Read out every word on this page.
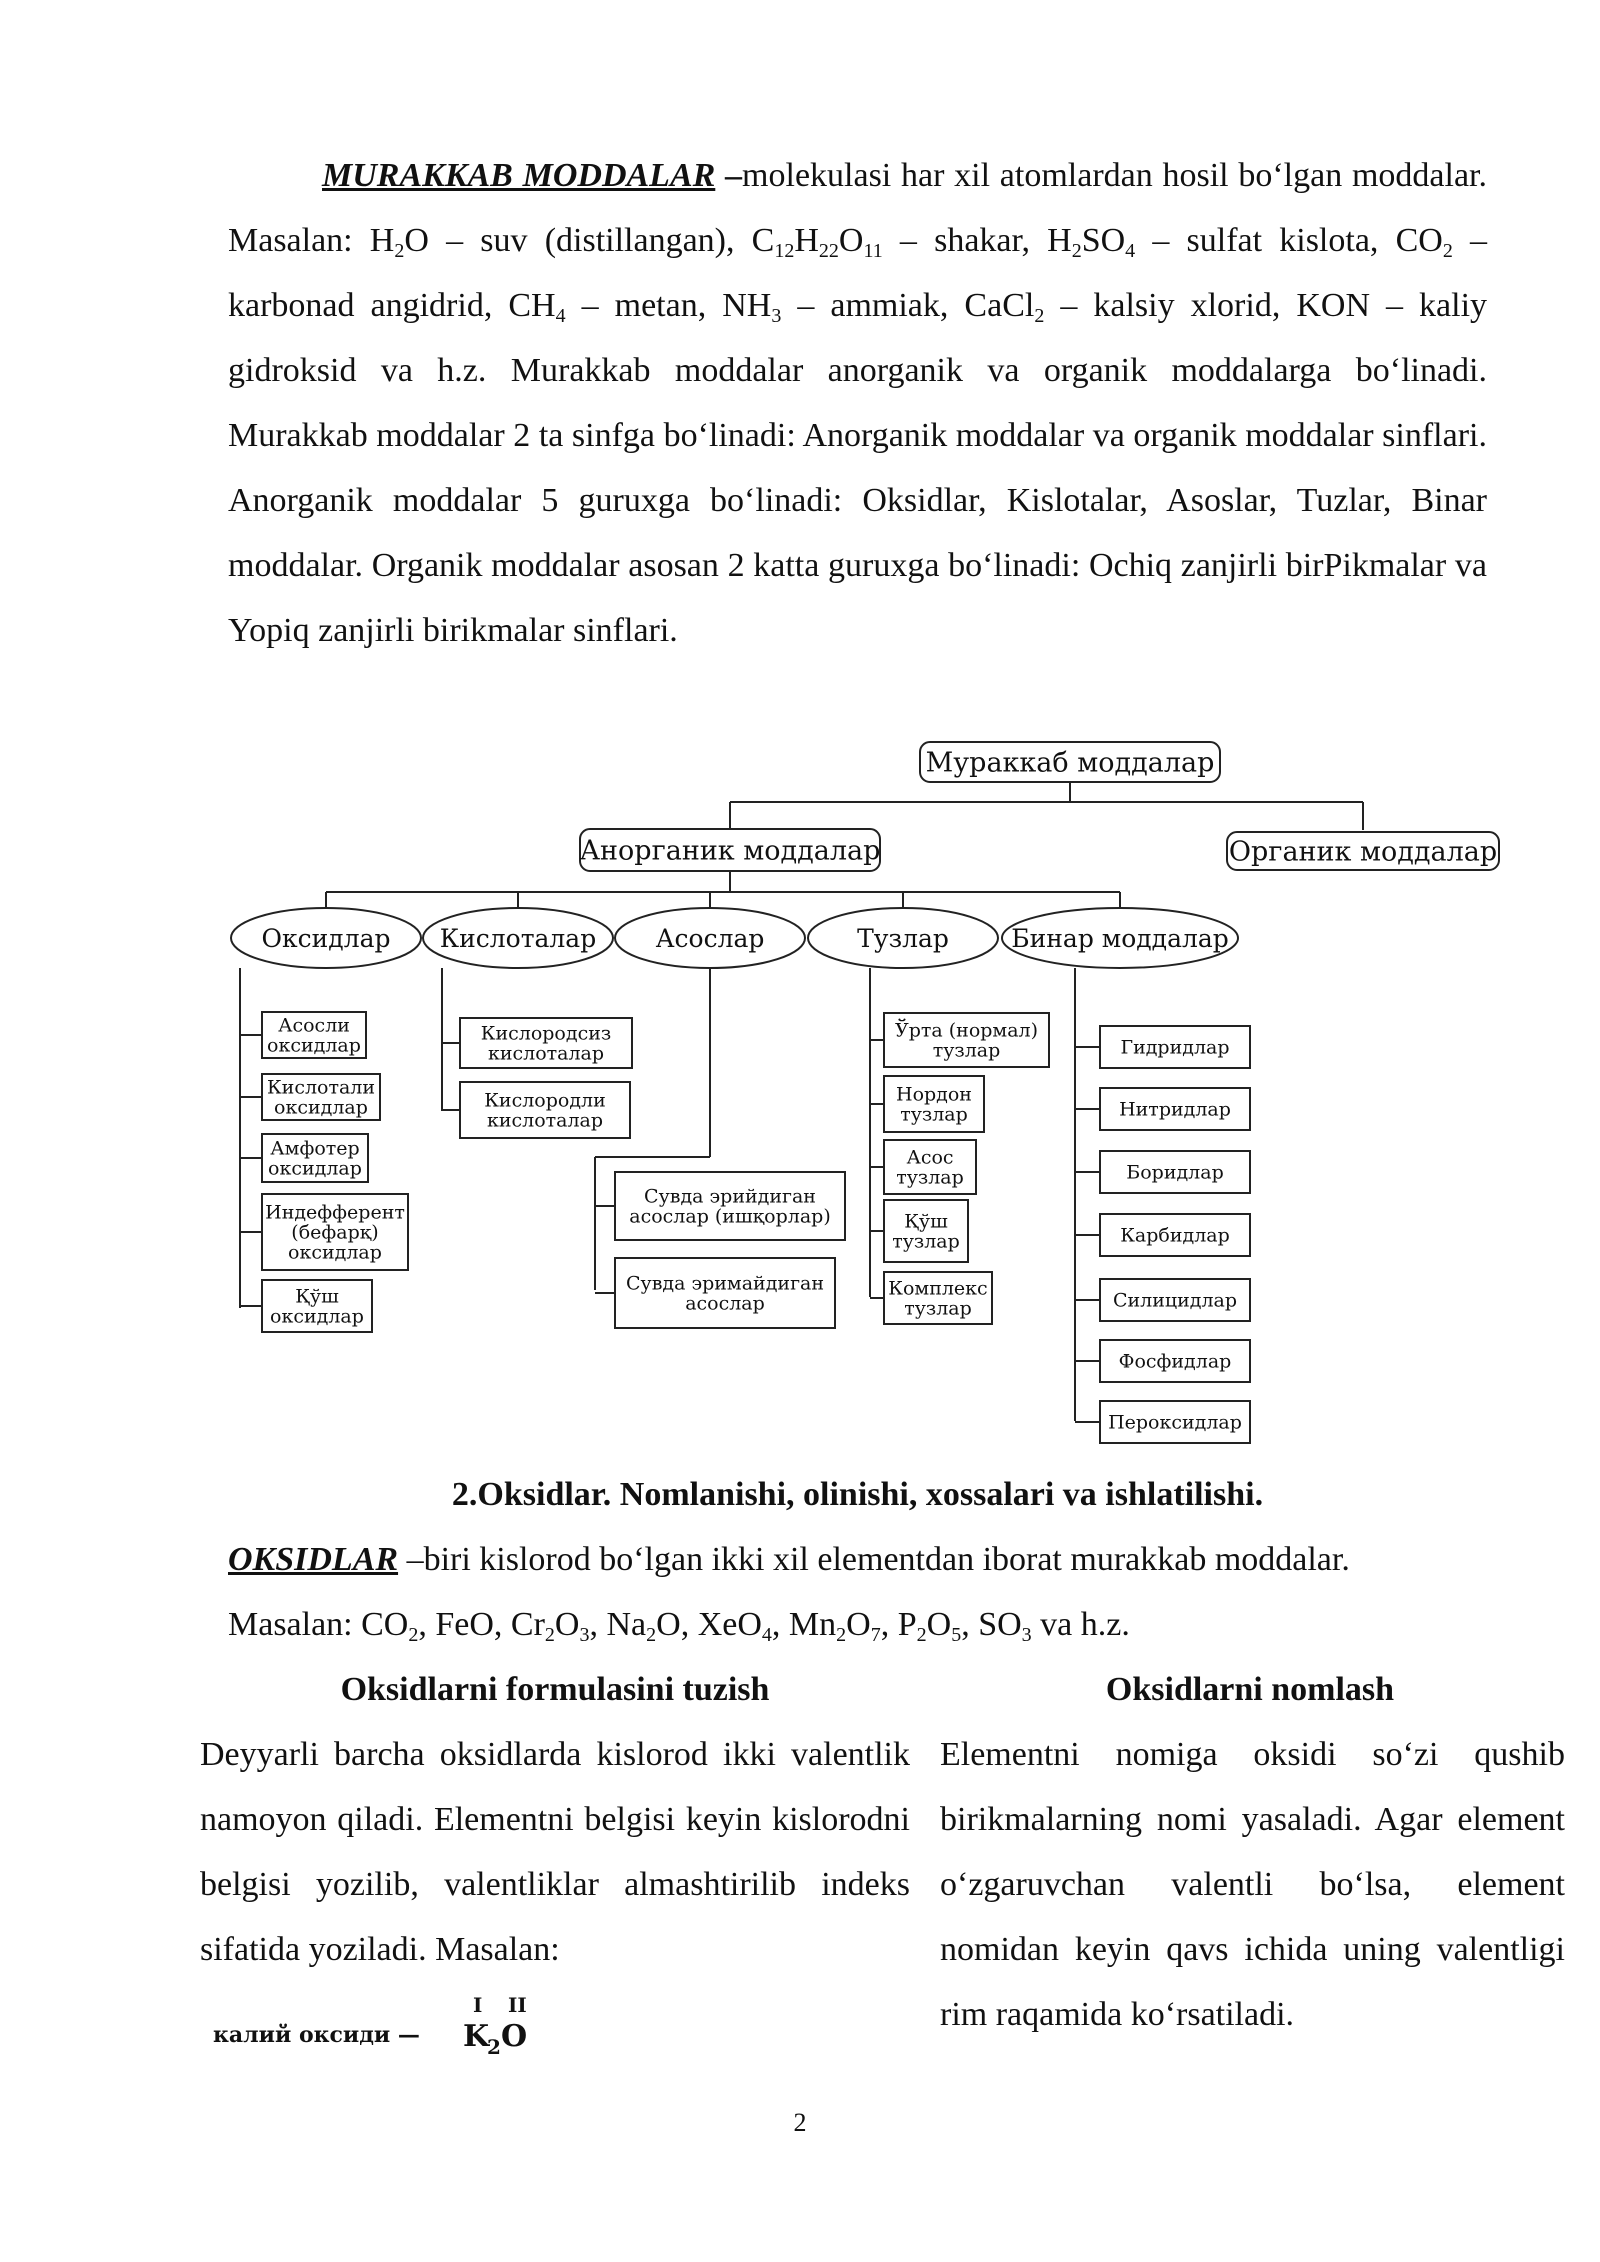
MURAKKAB MODDALAR –molekulasi har xil atomlardan hosil bo‘lgan moddalar. Masalan: $H_2O$ – suv (distillangan), $C_{12}H_{22}O_{11}$ – shakar, $H_2SO_4$ – sulfat kislota, $CO_2$ – karbonad angidrid, $CH_4$ – metan, $NH_3$ – ammiak, CaCl$_2$ – kalsiy xlorid, KON – kaliy gidroksid va h.z. Murakkab moddalar anorganik va organik moddalarga bo‘linadi. Murakkab moddalar 2 ta sinfga bo‘linadi: Anorganik moddalar va organik moddalar sinflari. Anorganik moddalar 5 guruxga bo‘linadi: Oksidlar, Kislotalar, Asoslar, Tuzlar, Binar moddalar. Organik moddalar asosan 2 katta guruxga bo‘linadi: Ochiq zanjirli birPikmalar va Yopiq zanjirli birikmalar sinflari.
Мураккаб моддалар
Анорганик моддалар	Органик моддалар
Оксидлар Кислоталар Асослар	Тузлар Бинар моддалар
Асосли
оксидлар
Кислотали
оксидлар
Амфотер
оксидлар
Индефферент
(бефарқ)
оксидлар
Қўш
оксидлар
Кислородсиз
кислоталар
Кислородли
кислоталар
Сувда эрийдиган
асослар (ишқорлар)
Сувда эримайдиган
асослар
Ўрта (нормал)
тузлар
Нордон
тузлар
Асос
тузлар
Қўш
тузлар
Комплекс
тузлар
Гидридлар
Нитридлар
Боридлар
Карбидлар
Силицидлар
Фосфидлар
Пероксидлар
2.Oksidlar. Nomlanishi, olinishi, xossalari va ishlatilishi.
OKSIDLAR –biri kislorod bo‘lgan ikki xil elementdan iborat murakkab moddalar.
Masalan: $CO_2$, FeO, $Cr_2O_3$, $Na_2O$, XeO$_4$, $Mn_2O_7$, $P_2O_5$, $SO_3$ va h.z.
Oksidlarni formulasini tuzish	Oksidlarni nomlash
Deyyarli barcha oksidlarda kislorod ikki valentlik namoyon qiladi. Elementni belgisi keyin kislorodni belgisi yozilib, valentliklar almashtirilib indeks sifatida yoziladi. Masalan:
Elementni nomiga oksidi so‘zi qushib birikmalarning nomi yasaladi. Agar element o‘zgaruvchan valentli bo‘lsa, element nomidan keyin qavs ichida uning valentligi rim raqamida ko‘rsatiladi.
калий оксиди —
I II
K
2 O
2
